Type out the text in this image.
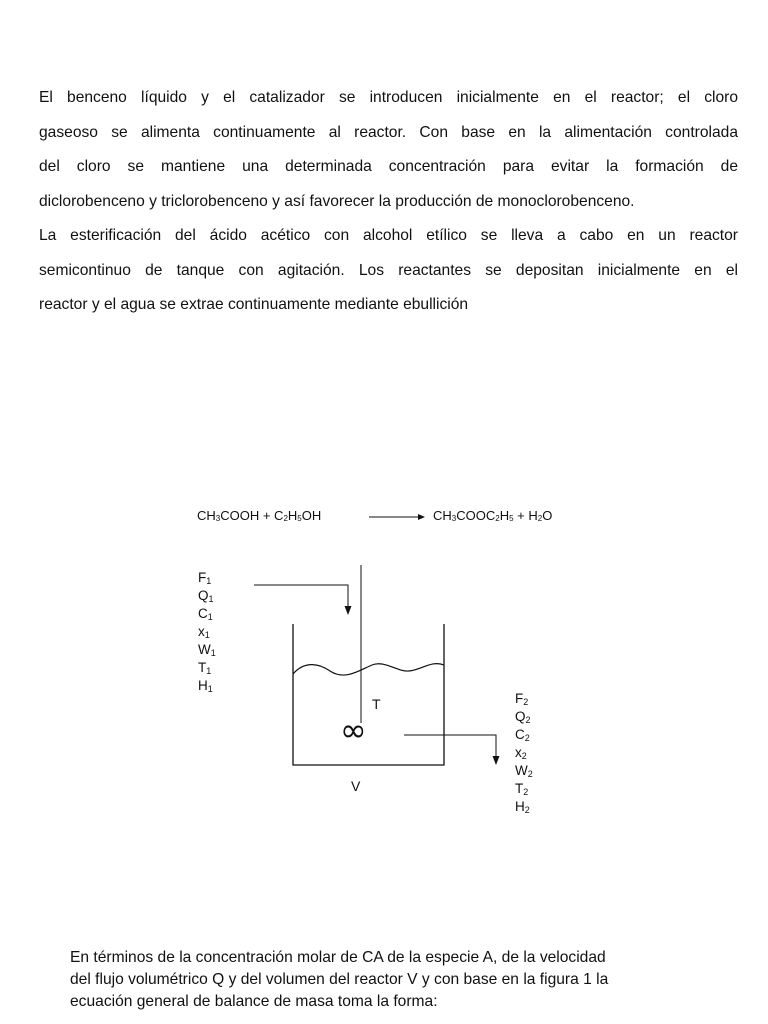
El benceno líquido y el catalizador se introducen inicialmente en el reactor; el cloro
gaseoso se alimenta continuamente al reactor. Con base en la alimentación controlada
del cloro se mantiene una determinada concentración para evitar la formación de
diclorobenceno y triclorobenceno y así favorecer la producción de monoclorobenceno.
La esterificación del ácido acético con alcohol etílico se lleva a cabo en un reactor
semicontinuo de tanque con agitación. Los reactantes se depositan inicialmente en el
reactor y el agua se extrae continuamente mediante ebullición
$CH_3COOH + C_2H_5OH$	$CH_3COOC_2H_5 + H_2O$
∞
T
V
$F_1$
$Q_1$
$C_1$
$x_1$
$W_1$
$T_1$
$H_1$
$F_2$
$Q_2$
$C_2$
$x_2$
$W_2$
$T_2$
$H_2$
En términos de la concentración molar de CA de la especie A, de la velocidad
del flujo volumétrico Q y del volumen del reactor V y con base en la figura 1 la
ecuación general de balance de masa toma la forma:
